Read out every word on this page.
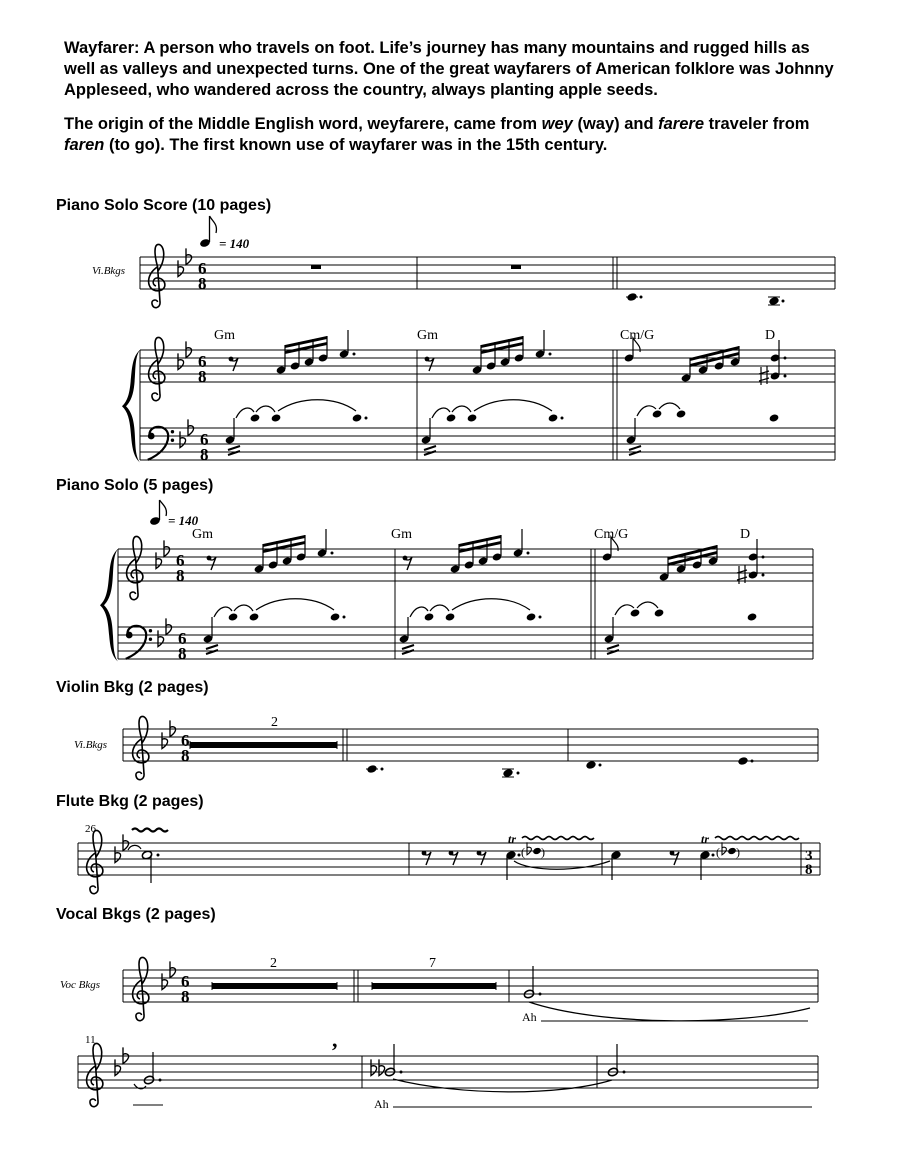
Wayfarer: A person who travels on foot. Life’s journey has many mountains and rugged hills as well as valleys and unexpected turns. One of the great wayfarers of American folklore was Johnny Appleseed, who wandered across the country, always planting apple seeds.

The origin of the Middle English word, weyfarere, came from wey (way) and farere traveler from faren (to go). The first known use of wayfarer was in the 15th century.

Piano Solo Score (10 pages)
Piano Solo (5 pages)
Violin Bkg (2 pages)
Flute Bkg (2 pages)
Vocal Bkgs (2 pages)
= 140
Vi.Bkgs	6
8
Gm	Gm	Cm/G	D
6
8
6
8
= 140
Gm	Gm	Cm/G	D
6
8
6
8
Vi.Bkgs
2
6
8
26
tr
( )
tr
( )	3
8
Voc Bkgs	6
8
2	7
Ah
11	,
Ah
